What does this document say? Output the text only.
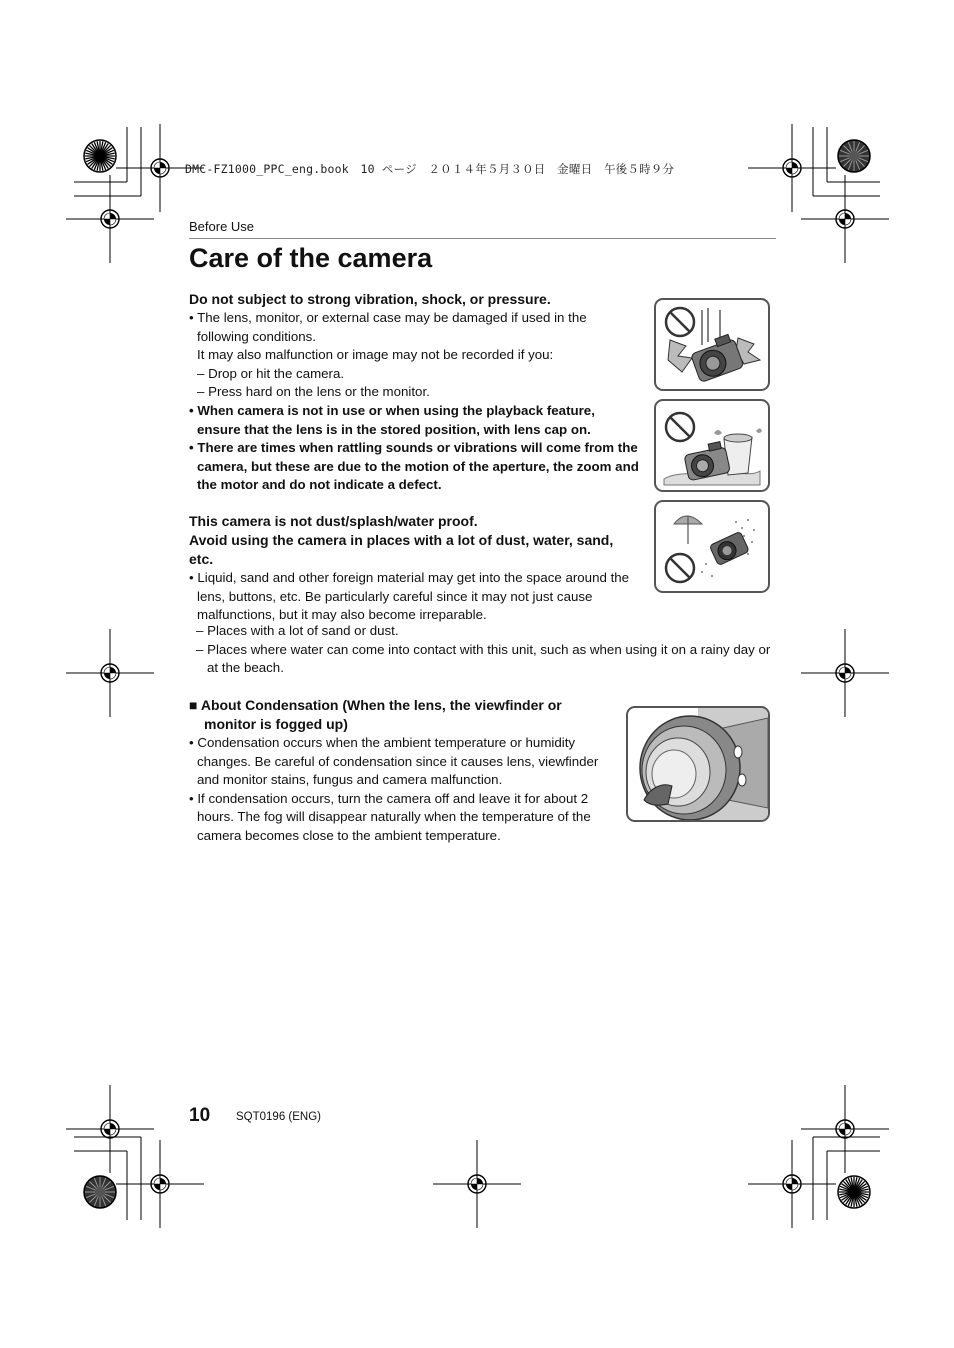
DMC-FZ1000_PPC_eng.book　10 ページ　２０１４年５月３０日　金曜日　午後５時９分
Before Use
Care of the camera
Do not subject to strong vibration, shock, or pressure.
• The lens, monitor, or external case may be damaged if used in the following conditions.
It may also malfunction or image may not be recorded if you:
– Drop or hit the camera.
– Press hard on the lens or the monitor.
• When camera is not in use or when using the playback feature, ensure that the lens is in the stored position, with lens cap on.
• There are times when rattling sounds or vibrations will come from the camera, but these are due to the motion of the aperture, the zoom and the motor and do not indicate a defect.
This camera is not dust/splash/water proof.
Avoid using the camera in places with a lot of dust, water, sand, etc.
• Liquid, sand and other foreign material may get into the space around the lens, buttons, etc. Be particularly careful since it may not just cause malfunctions, but it may also become irreparable.
– Places with a lot of sand or dust.
– Places where water can come into contact with this unit, such as when using it on a rainy day or at the beach.
■ About Condensation (When the lens, the viewfinder or monitor is fogged up)
• Condensation occurs when the ambient temperature or humidity changes. Be careful of condensation since it causes lens, viewfinder and monitor stains, fungus and camera malfunction.
• If condensation occurs, turn the camera off and leave it for about 2 hours. The fog will disappear naturally when the temperature of the camera becomes close to the ambient temperature.
10 SQT0196 (ENG)
